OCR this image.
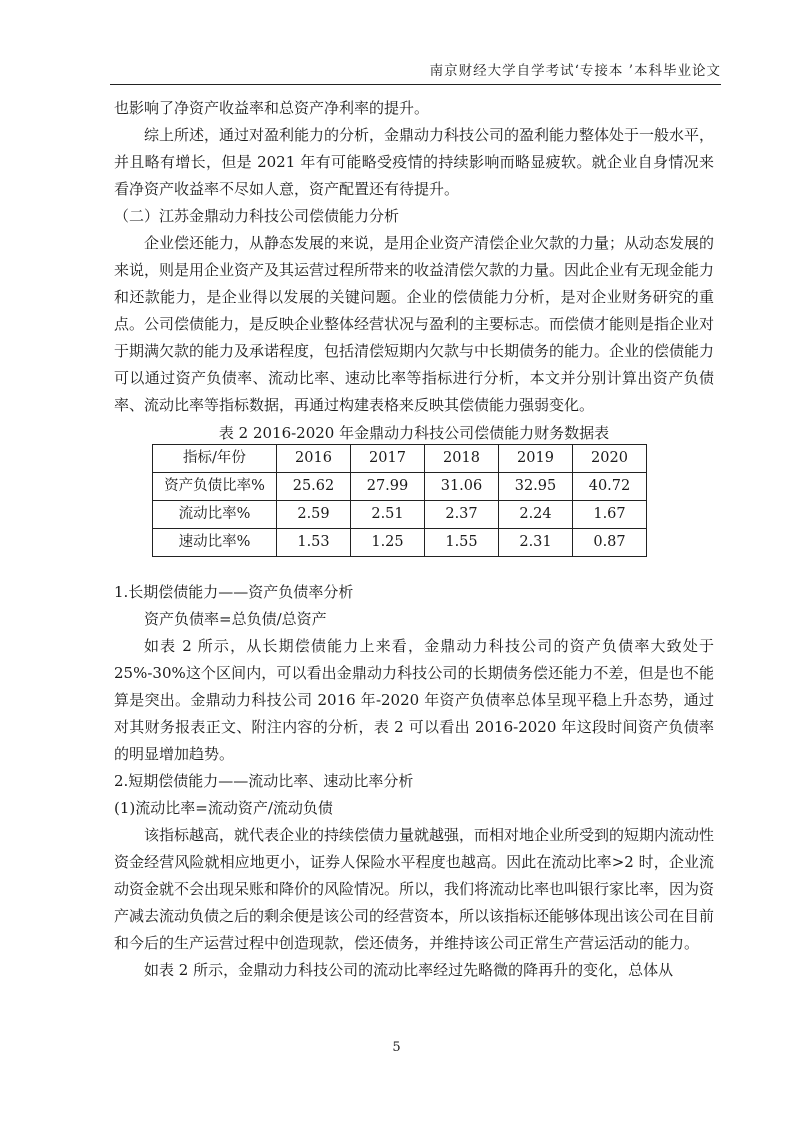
南京财经大学自学考试‘专接本 ’本科毕业论文

也影响了净资产收益率和总资产净利率的提升。

综上所述，通过对盈利能力的分析，金鼎动力科技公司的盈利能力整体处于一般水平，并且略有增长，但是 2021 年有可能略受疫情的持续影响而略显疲软。就企业自身情况来看净资产收益率不尽如人意，资产配置还有待提升。

（二）江苏金鼎动力科技公司偿债能力分析

企业偿还能力，从静态发展的来说，是用企业资产清偿企业欠款的力量；从动态发展的来说，则是用企业资产及其运营过程所带来的收益清偿欠款的力量。因此企业有无现金能力和还款能力，是企业得以发展的关键问题。企业的偿债能力分析，是对企业财务研究的重点。公司偿债能力，是反映企业整体经营状况与盈利的主要标志。而偿债才能则是指企业对于期满欠款的能力及承诺程度，包括清偿短期内欠款与中长期债务的能力。企业的偿债能力可以通过资产负债率、流动比率、速动比率等指标进行分析，本文并分别计算出资产负债率、流动比率等指标数据，再通过构建表格来反映其偿债能力强弱变化。

表 2 2016-2020 年金鼎动力科技公司偿债能力财务数据表
指标/年份	2016	2017	2018	2019	2020
资产负债比率%	25.62	27.99	31.06	32.95	40.72
流动比率%	2.59	2.51	2.37	2.24	1.67
速动比率%	1.53	1.25	1.55	2.31	0.87

1.长期偿债能力——资产负债率分析

资产负债率=总负债/总资产

如表 2 所示，从长期偿债能力上来看，金鼎动力科技公司的资产负债率大致处于25%-30%这个区间内，可以看出金鼎动力科技公司的长期债务偿还能力不差，但是也不能算是突出。金鼎动力科技公司 2016 年-2020 年资产负债率总体呈现平稳上升态势，通过对其财务报表正文、附注内容的分析，表 2 可以看出 2016-2020 年这段时间资产负债率的明显增加趋势。

2.短期偿债能力——流动比率、速动比率分析

(1)流动比率=流动资产/流动负债

该指标越高，就代表企业的持续偿债力量就越强，而相对地企业所受到的短期内流动性资金经营风险就相应地更小，证券人保险水平程度也越高。因此在流动比率>2 时，企业流动资金就不会出现呆账和降价的风险情况。所以，我们将流动比率也叫银行家比率，因为资产减去流动负债之后的剩余便是该公司的经营资本，所以该指标还能够体现出该公司在目前和今后的生产运营过程中创造现款，偿还债务，并维持该公司正常生产营运活动的能力。

如表 2 所示，金鼎动力科技公司的流动比率经过先略微的降再升的变化，总体从

5
